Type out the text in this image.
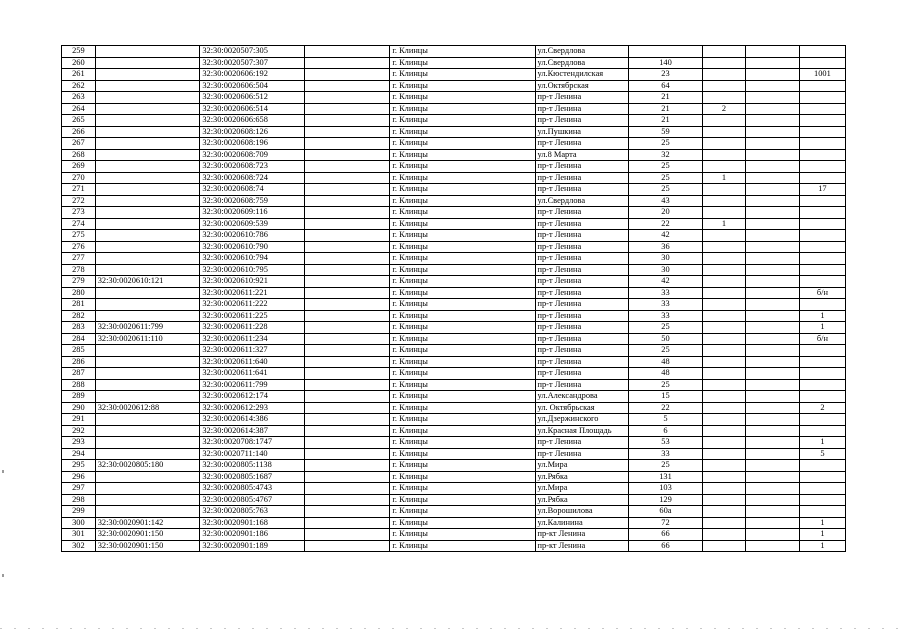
259		32:30:0020507:305		г. Клинцы	ул.Свердлова				
260		32:30:0020507:307		г. Клинцы	ул.Свердлова	140			
261		32:30:0020606:192		г. Клинцы	ул.Кюстендилская	23			1001
262		32:30:0020606:504		г. Клинцы	ул.Октябрская	64			
263		32:30:0020606:512		г. Клинцы	пр-т Ленина	21			
264		32:30:0020606:514		г. Клинцы	пр-т Ленина	21	2		
265		32:30:0020606:658		г. Клинцы	пр-т Ленина	21			
266		32:30:0020608:126		г. Клинцы	ул.Пушкина	59			
267		32:30:0020608:196		г. Клинцы	пр-т Ленина	25			
268		32:30:0020608:709		г. Клинцы	ул.8 Марта	32			
269		32:30:0020608:723		г. Клинцы	пр-т Ленина	25			
270		32:30:0020608:724		г. Клинцы	пр-т Ленина	25	1		
271		32:30:0020608:74		г. Клинцы	пр-т Ленина	25			17
272		32:30:0020608:759		г. Клинцы	ул.Свердлова	43			
273		32:30:0020609:116		г. Клинцы	пр-т Ленина	20			
274		32:30:0020609:539		г. Клинцы	пр-т Ленина	22	1		
275		32:30:0020610:786		г. Клинцы	пр-т Ленина	42			
276		32:30:0020610:790		г. Клинцы	пр-т Ленина	36			
277		32:30:0020610:794		г. Клинцы	пр-т Ленина	30			
278		32:30:0020610:795		г. Клинцы	пр-т Ленина	30			
279	32:30:0020610:121	32:30:0020610:921		г. Клинцы	пр-т Ленина	42			
280		32:30:0020611:221		г. Клинцы	пр-т Ленина	33			б/н
281		32:30:0020611:222		г. Клинцы	пр-т Ленина	33			
282		32:30:0020611:225		г. Клинцы	пр-т Ленина	33			1
283	32:30:0020611:799	32:30:0020611:228		г. Клинцы	пр-т Ленина	25			1
284	32:30:0020611:110	32:30:0020611:234		г. Клинцы	пр-т Ленина	50			б/н
285		32:30:0020611:327		г. Клинцы	пр-т Ленина	25			
286		32:30:0020611:640		г. Клинцы	пр-т Ленина	48			
287		32:30:0020611:641		г. Клинцы	пр-т Ленина	48			
288		32:30:0020611:799		г. Клинцы	пр-т Ленина	25			
289		32:30:0020612:174		г. Клинцы	ул.Александрова	15			
290	32:30:0020612:88	32:30:0020612:293		г. Клинцы	ул. Октябрьская	22			2
291		32:30:0020614:386		г. Клинцы	ул.Дзержинского	5			
292		32:30:0020614:387		г. Клинцы	ул.Красная Площадь	6			
293		32:30:0020708:1747		г. Клинцы	пр-т Ленина	53			1
294		32:30:0020711:140		г. Клинцы	пр-т Ленина	33			5
295	32:30:0020805:180	32:30:0020805:1138		г. Клинцы	ул.Мира	25			
296		32:30:0020805:1687		г. Клинцы	ул.Рябка	131			
297		32:30:0020805:4743		г. Клинцы	ул.Мира	103			
298		32:30:0020805:4767		г. Клинцы	ул.Рябка	129			
299		32:30:0020805:763		г. Клинцы	ул.Ворошилова	60а			
300	32:30:0020901:142	32:30:0020901:168		г. Клинцы	ул.Калинина	72			1
301	32:30:0020901:150	32:30:0020901:186		г. Клинцы	пр-кт Ленина	66			1
302	32:30:0020901:150	32:30:0020901:189		г. Клинцы	пр-кт Ленина	66			1
